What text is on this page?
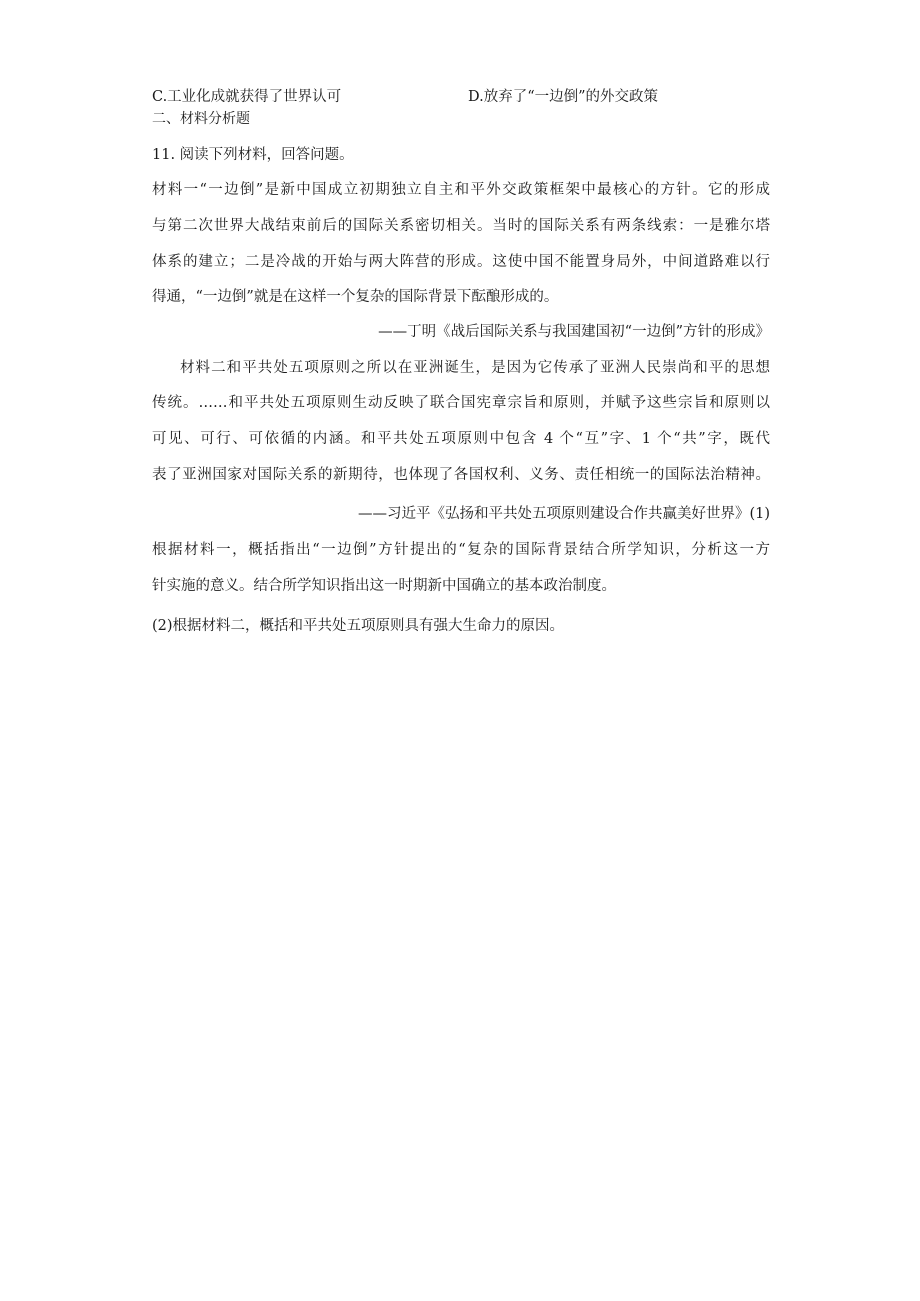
C.工业化成就获得了世界认可	D.放弃了“一边倒”的外交政策
二、材料分析题
11. 阅读下列材料，回答问题。
材料一“一边倒”是新中国成立初期独立自主和平外交政策框架中最核心的方针。它的形成
与第二次世界大战结束前后的国际关系密切相关。当时的国际关系有两条线索：一是雅尔塔
体系的建立；二是冷战的开始与两大阵营的形成。这使中国不能置身局外，中间道路难以行
得通，“一边倒”就是在这样一个复杂的国际背景下酝酿形成的。
——丁明《战后国际关系与我国建国初“一边倒”方针的形成》
材料二和平共处五项原则之所以在亚洲诞生，是因为它传承了亚洲人民崇尚和平的思想
传统。……和平共处五项原则生动反映了联合国宪章宗旨和原则，并赋予这些宗旨和原则以
可见、可行、可依循的内涵。和平共处五项原则中包含 4 个“互”字、1 个“共”字，既代
表了亚洲国家对国际关系的新期待，也体现了各国权利、义务、责任相统一的国际法治精神。
——习近平《弘扬和平共处五项原则建设合作共赢美好世界》(1)
根据材料一，概括指出“一边倒”方针提出的“复杂的国际背景结合所学知识，分析这一方
针实施的意义。结合所学知识指出这一时期新中国确立的基本政治制度。
(2)根据材料二，概括和平共处五项原则具有强大生命力的原因。
